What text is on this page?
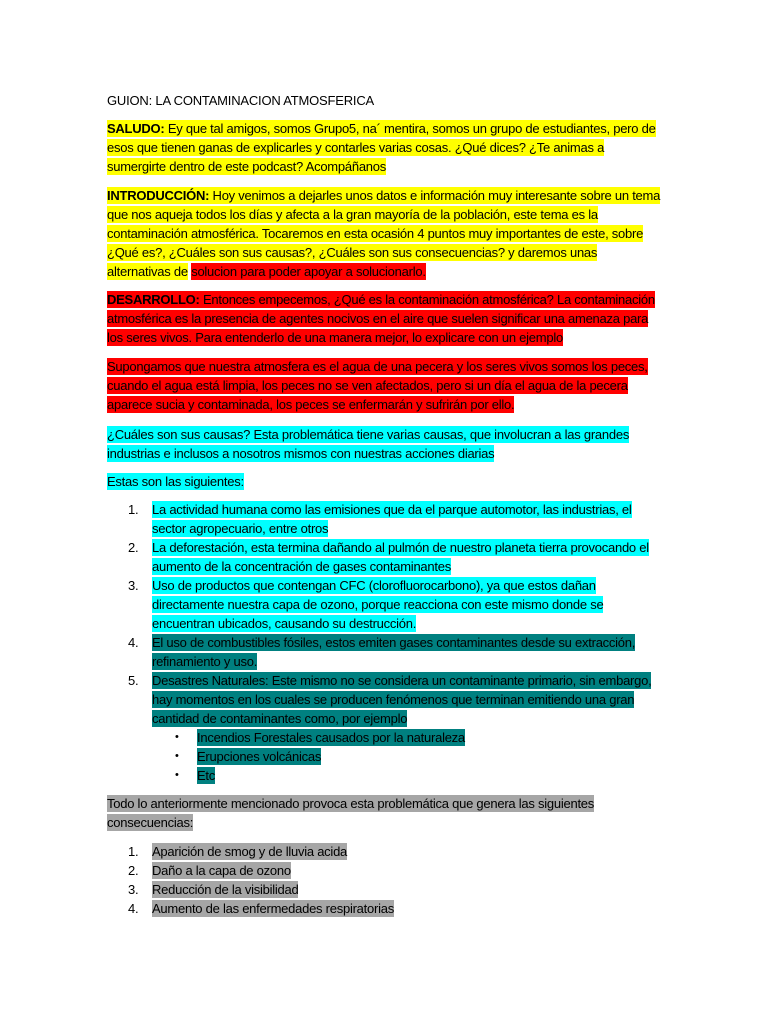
GUION: LA CONTAMINACION ATMOSFERICA
SALUDO: Ey que tal amigos, somos Grupo5, na´ mentira, somos un grupo de estudiantes, pero de esos que tienen ganas de explicarles y contarles varias cosas. ¿Qué dices? ¿Te animas a sumergirte dentro de este podcast? Acompáñanos
INTRODUCCIÓN: Hoy venimos a dejarles unos datos e información muy interesante sobre un tema que nos aqueja todos los días y afecta a la gran mayoría de la población, este tema es la contaminación atmosférica. Tocaremos en esta ocasión 4 puntos muy importantes de este, sobre ¿Qué es?, ¿Cuáles son sus causas?, ¿Cuáles son sus consecuencias? y daremos unas alternativas de solucion para poder apoyar a solucionarlo.
DESARROLLO: Entonces empecemos, ¿Qué es la contaminación atmosférica? La contaminación atmosférica es la presencia de agentes nocivos en el aire que suelen significar una amenaza para los seres vivos. Para entenderlo de una manera mejor, lo explicare con un ejemplo
Supongamos que nuestra atmosfera es el agua de una pecera y los seres vivos somos los peces, cuando el agua está limpia, los peces no se ven afectados, pero si un día el agua de la pecera aparece sucia y contaminada, los peces se enfermarán y sufrirán por ello.
¿Cuáles son sus causas? Esta problemática tiene varias causas, que involucran a las grandes industrias e inclusos a nosotros mismos con nuestras acciones diarias
Estas son las siguientes:
1. La actividad humana como las emisiones que da el parque automotor, las industrias, el sector agropecuario, entre otros
2. La deforestación, esta termina dañando al pulmón de nuestro planeta tierra provocando el aumento de la concentración de gases contaminantes
3. Uso de productos que contengan CFC (clorofluorocarbono), ya que estos dañan directamente nuestra capa de ozono, porque reacciona con este mismo donde se encuentran ubicados, causando su destrucción.
4. El uso de combustibles fósiles, estos emiten gases contaminantes desde su extracción, refinamiento y uso.
5. Desastres Naturales: Este mismo no se considera un contaminante primario, sin embargo, hay momentos en los cuales se producen fenómenos que terminan emitiendo una gran cantidad de contaminantes como, por ejemplo
• Incendios Forestales causados por la naturaleza
• Erupciones volcánicas
• Etc
Todo lo anteriormente mencionado provoca esta problemática que genera las siguientes consecuencias:
1. Aparición de smog y de lluvia acida
2. Daño a la capa de ozono
3. Reducción de la visibilidad
4. Aumento de las enfermedades respiratorias
